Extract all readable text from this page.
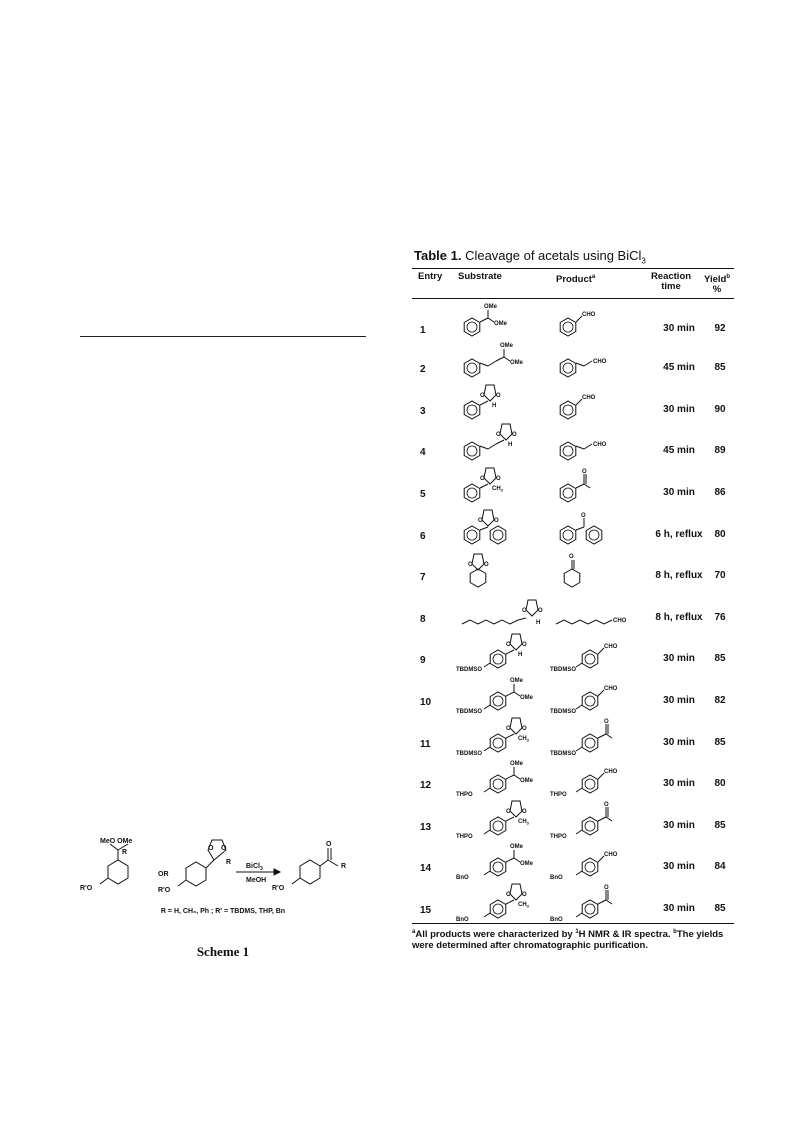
MeO OMe
R
R'O
OR
O O
R
R'O
BiCl$_3$
MeOH
O
R
R'O
R = H, CH₃, Ph ; R' = TBDMS, THP, Bn
Scheme 1
Table 1. Cleavage of acetals using BiCl$_3$
Entry	Substrate	Product$^a$	Reaction
time
Yield$^b$
%
OMe
OMe
CHO
1	30 min	92
OMe
OMe	CHO
2	45 min	85
O O
H
CHO
3	30 min	90
O O
H	CHO
4	45 min	89
O O
$CH_3$
O
5	30 min	86
O O
O
6	6 h, reflux	80
O O
O
7	8 h, reflux	70
O O
H	CHO
8	8 h, reflux	76
TBDMSO
O O
H
TBDMSO
CHO
9	30 min	85
TBDMSO
OMe
OMe
TBDMSO
CHO
10	30 min	82
TBDMSO
O O
$CH_3$
TBDMSO
O
11	30 min	85
THPO
OMe
OMe
THPO
CHO
12	30 min	80
THPO
O O
$CH_3$
THPO
O
13	30 min	85
BnO
OMe
OMe
BnO
CHO
14	30 min	84
BnO
O O
$CH_3$
BnO
O
15	30 min	85
$^a$All products were characterized by $^1$H NMR & IR spectra. $^b$The yields were determined after chromatographic purification.
